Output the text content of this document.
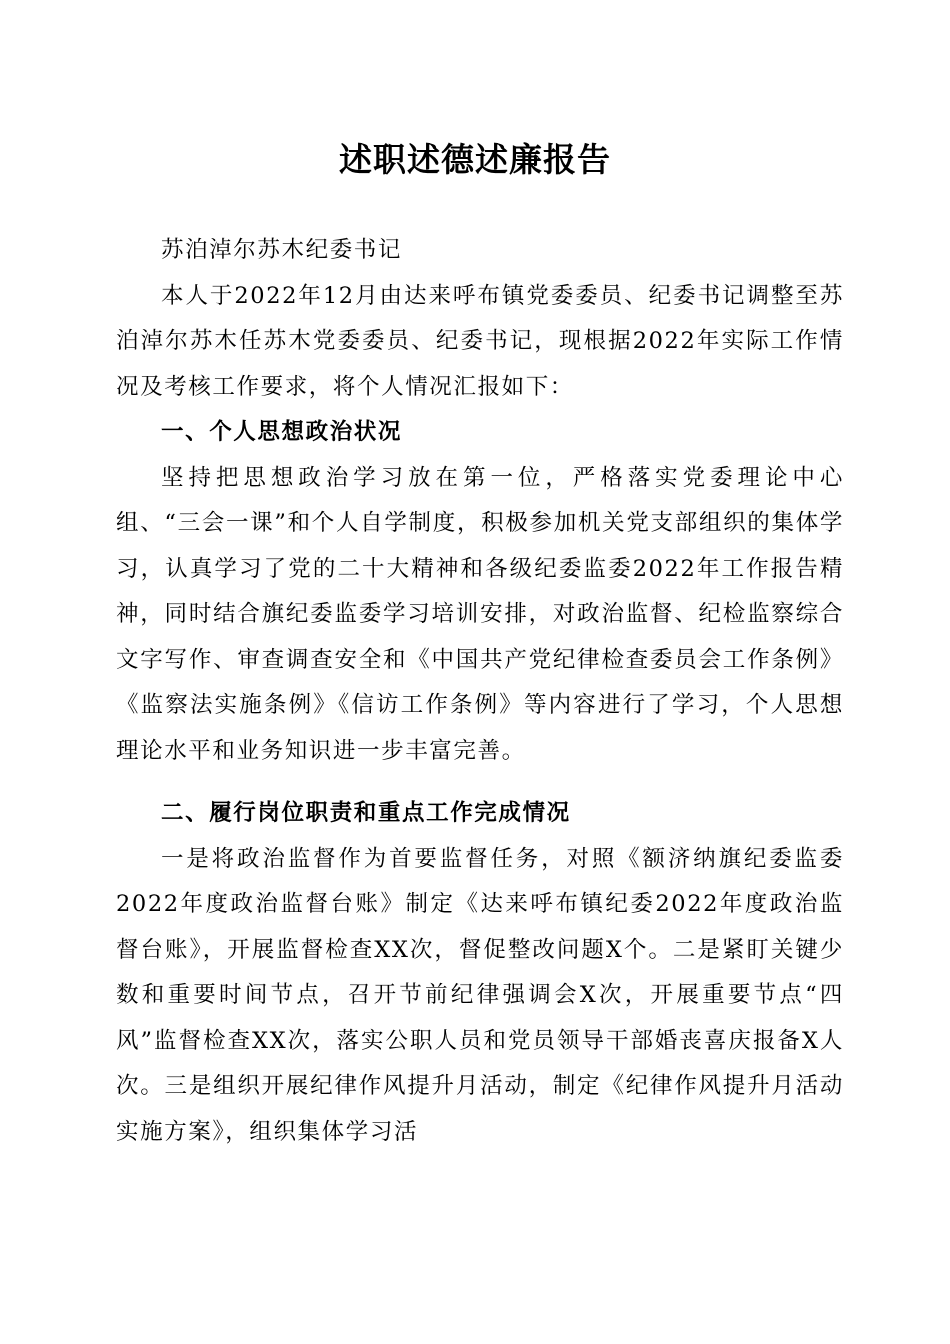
述职述德述廉报告

苏泊淖尔苏木纪委书记

本人于2022年12月由达来呼布镇党委委员、纪委书记调整至苏泊淖尔苏木任苏木党委委员、纪委书记，现根据2022年实际工作情况及考核工作要求，将个人情况汇报如下：

一、个人思想政治状况

坚持把思想政治学习放在第一位，严格落实党委理论中心组、“三会一课”和个人自学制度，积极参加机关党支部组织的集体学习，认真学习了党的二十大精神和各级纪委监委2022年工作报告精神，同时结合旗纪委监委学习培训安排，对政治监督、纪检监察综合文字写作、审查调查安全和《中国共产党纪律检查委员会工作条例》《监察法实施条例》《信访工作条例》等内容进行了学习，个人思想理论水平和业务知识进一步丰富完善。

二、履行岗位职责和重点工作完成情况

一是将政治监督作为首要监督任务，对照《额济纳旗纪委监委2022年度政治监督台账》制定《达来呼布镇纪委2022年度政治监督台账》，开展监督检查XX次，督促整改问题X个。二是紧盯关键少数和重要时间节点，召开节前纪律强调会X次，开展重要节点“四风”监督检查XX次，落实公职人员和党员领导干部婚丧喜庆报备X人次。三是组织开展纪律作风提升月活动，制定《纪律作风提升月活动实施方案》，组织集体学习活
